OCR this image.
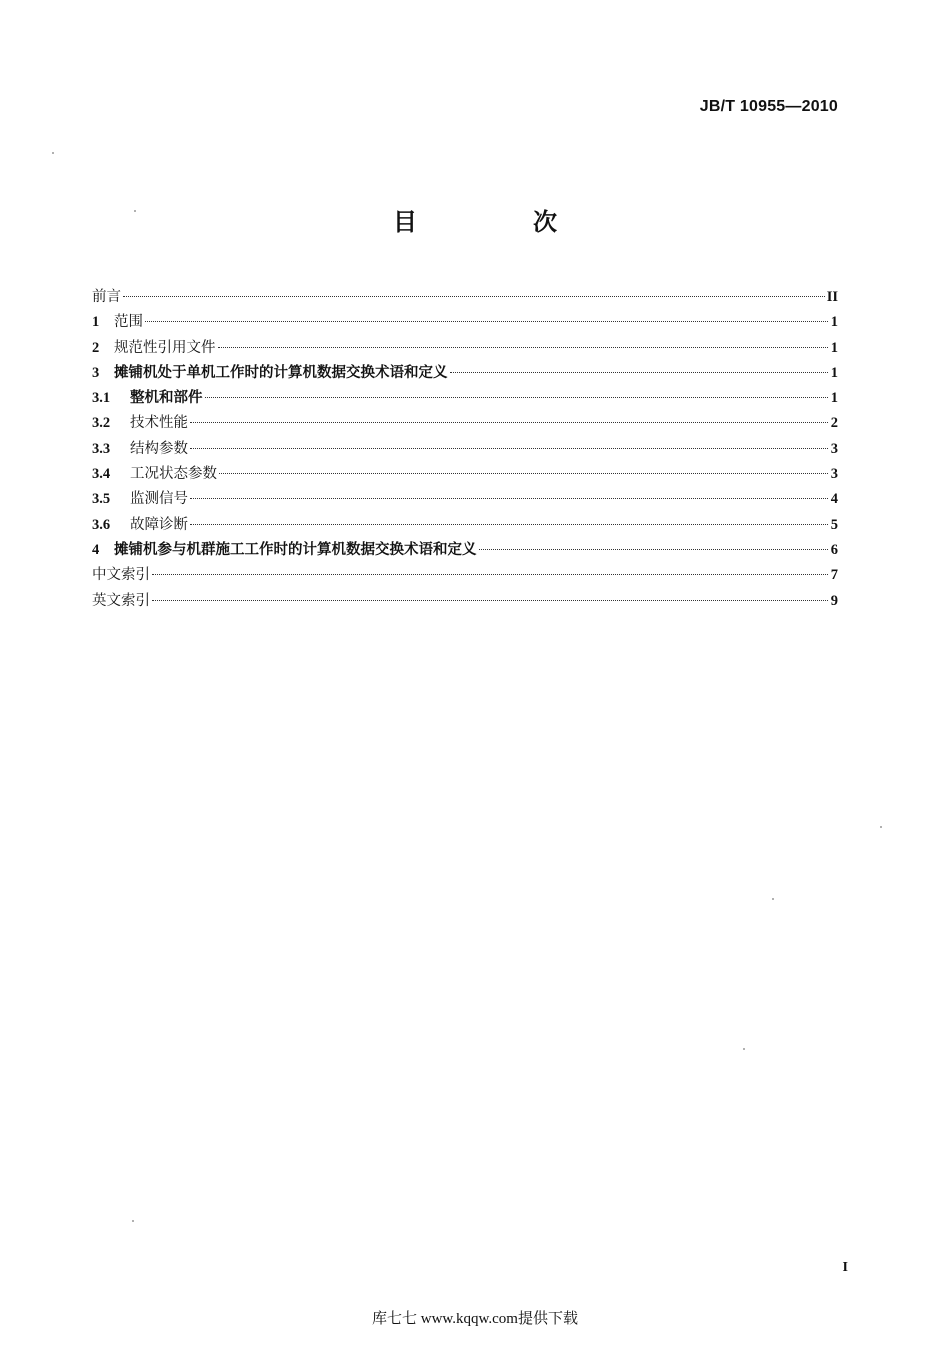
JB/T 10955—2010
目　次
前言	II
1 范围	1
2 规范性引用文件	1
3 摊铺机处于单机工作时的计算机数据交换术语和定义	1
3.1 整机和部件	1
3.2 技术性能	2
3.3 结构参数	3
3.4 工况状态参数	3
3.5 监测信号	4
3.6 故障诊断	5
4 摊铺机参与机群施工工作时的计算机数据交换术语和定义	6
中文索引	7
英文索引	9
I
库七七 www.kqqw.com提供下载
